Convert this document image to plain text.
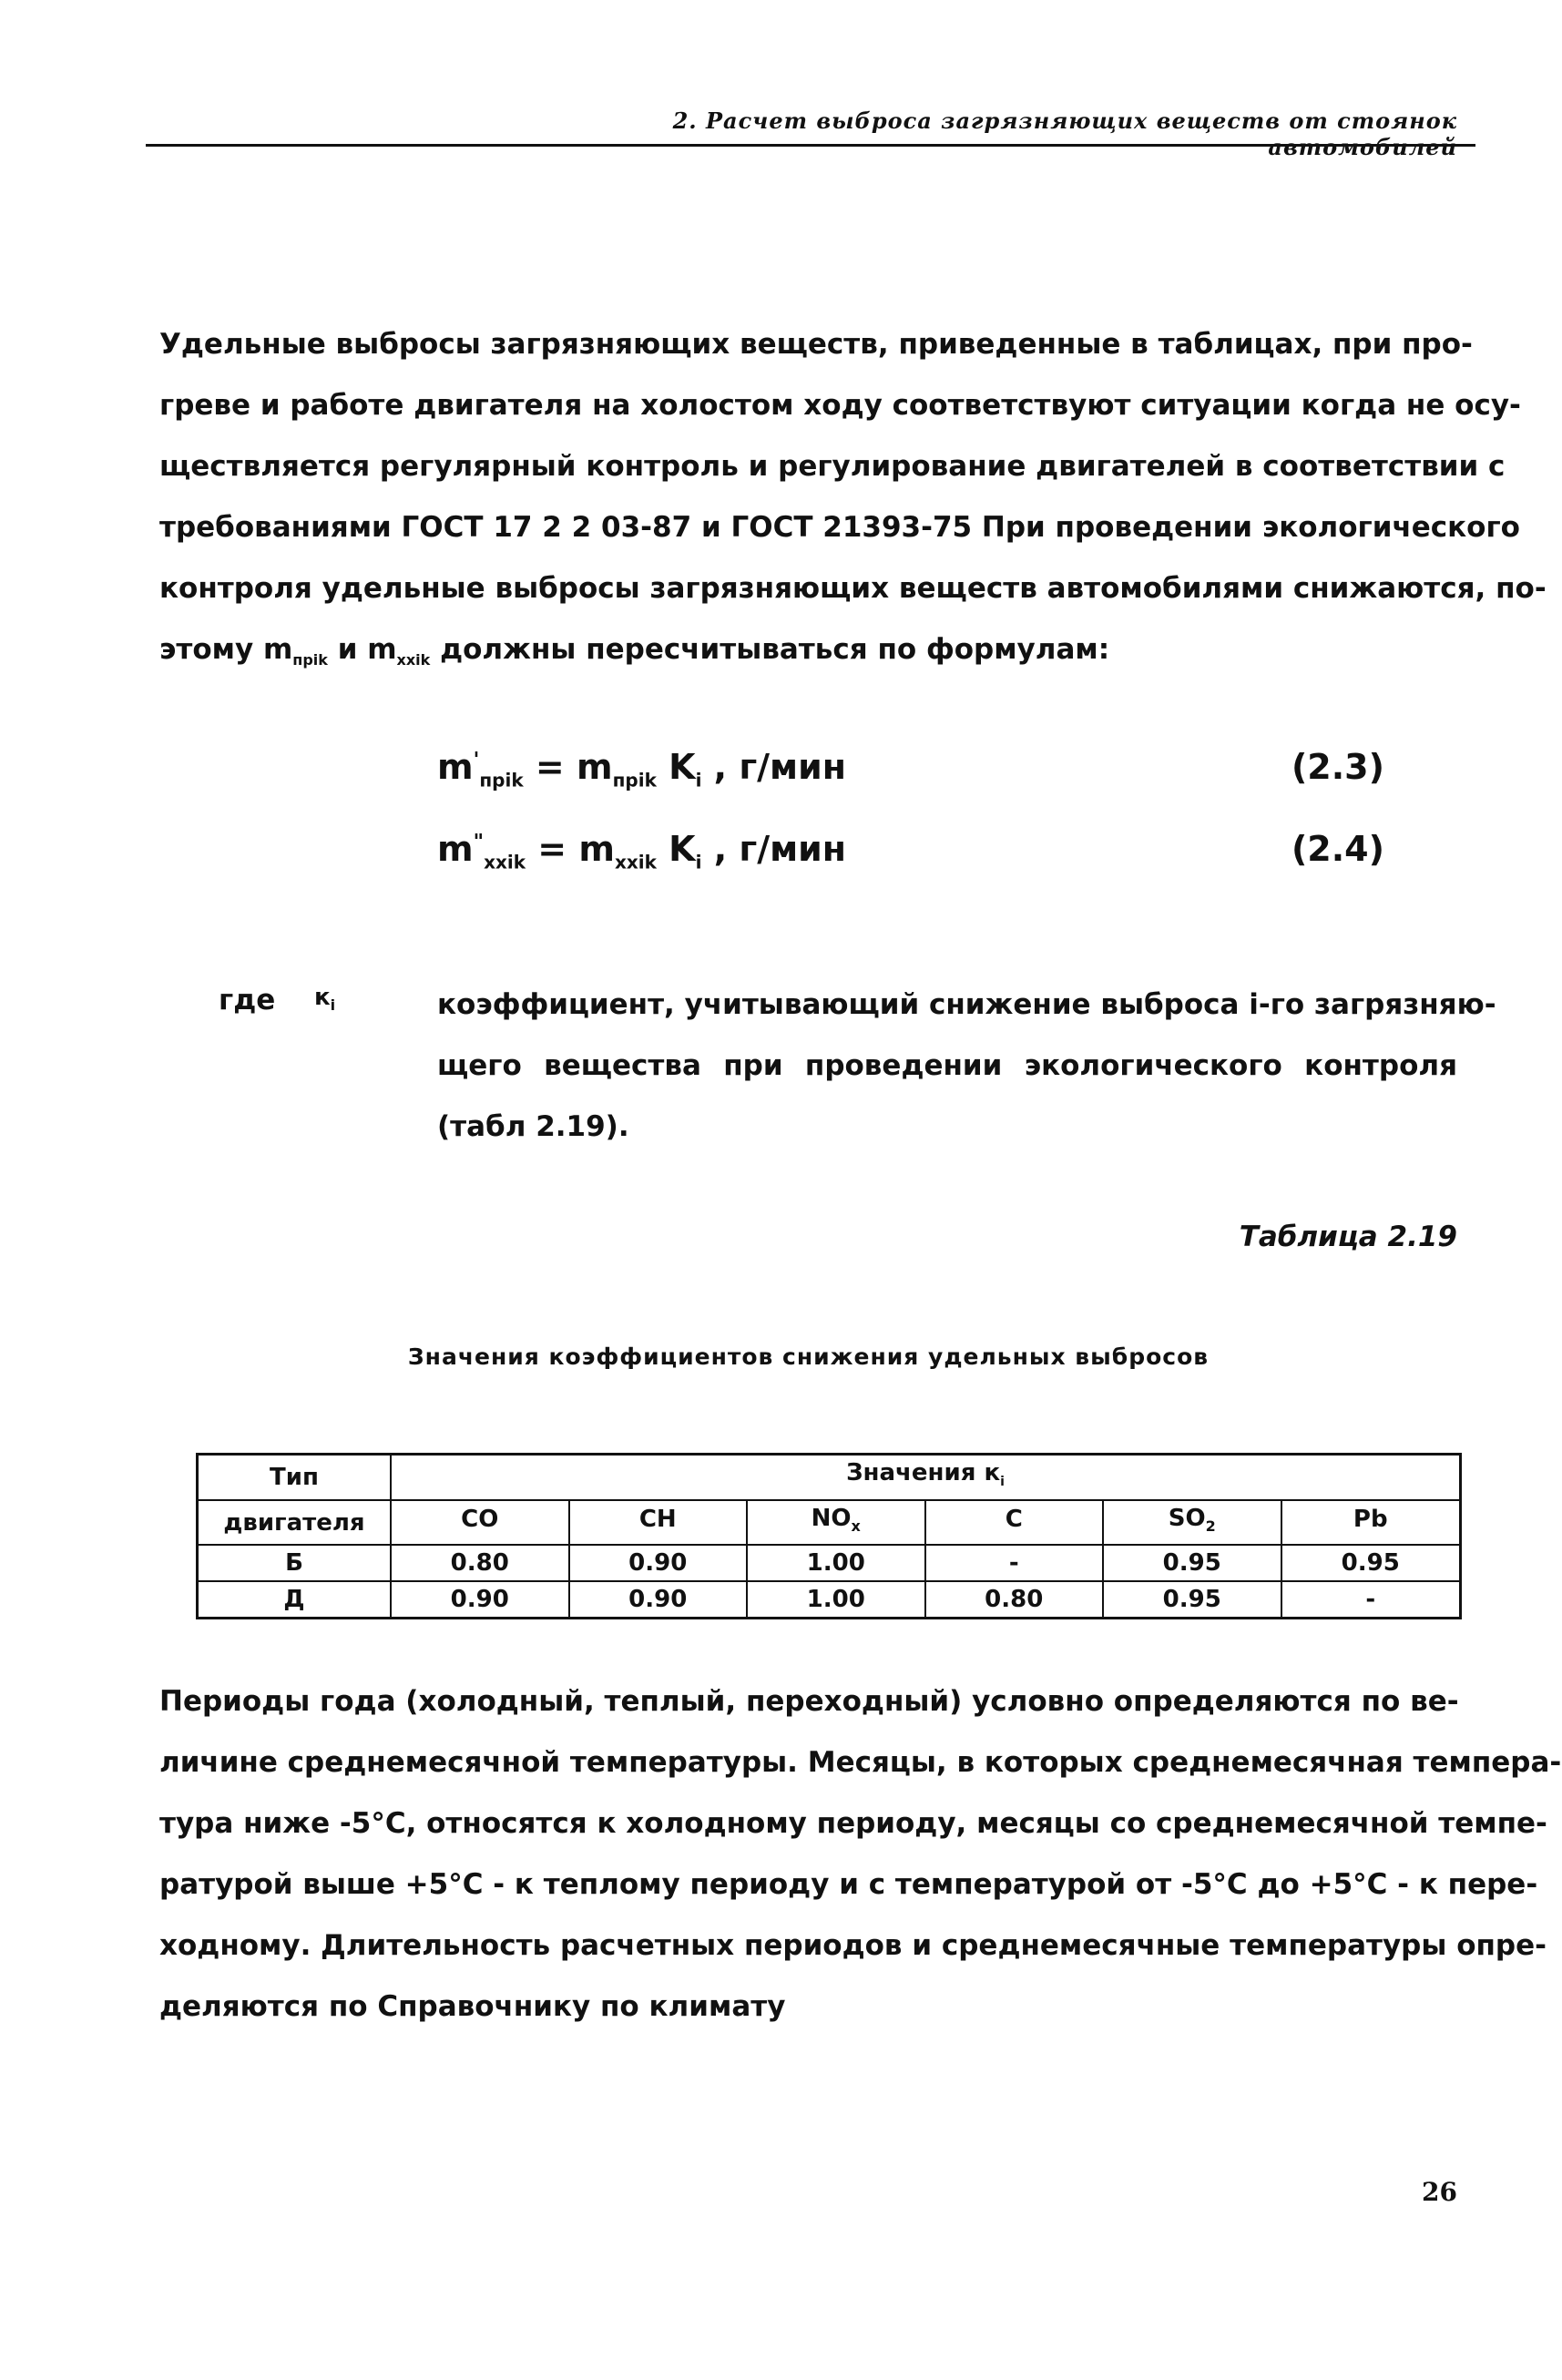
2. Расчет выброса загрязняющих веществ от стоянок автомобилей
Удельные выбросы загрязняющих веществ, приведенные в таблицах, при про-
греве и работе двигателя на холостом ходу соответствуют ситуации когда не осу-
ществляется регулярный контроль и регулирование двигателей в соответствии с
требованиями ГОСТ 17 2 2 03-87 и ГОСТ 21393-75 При проведении экологического
контроля удельные выбросы загрязняющих веществ автомобилями снижаются, по-
этому $m_{прik}$ и $m_{xxik}$ должны пересчитываться по формулам:
$m'_{прik} = m_{прik}$ $K_i$ , г/мин	(2.3)
$m^"_{xxik} = m_{xxik}$ $K_i$ , г/мин	(2.4)
где $к_i$	коэффициент, учитывающий снижение выброса i-го загрязняю-
щего вещества при проведении экологического контроля
(табл 2.19).
Таблица 2.19
Значения коэффициентов снижения удельных выбросов
Тип	Значения $к_i$
двигателя	CO	CH	$NO_x$	C	$SO_2$	Pb
Б	0.80	0.90	1.00	-	0.95	0.95
Д	0.90	0.90	1.00	0.80	0.95	-
Периоды года (холодный, теплый, переходный) условно определяются по ве-
личине среднемесячной температуры. Месяцы, в которых среднемесячная темпера-
тура ниже -5°С, относятся к холодному периоду, месяцы со среднемесячной темпе-
ратурой выше +5°С - к теплому периоду и с температурой от -5°С до +5°С - к пере-
ходному. Длительность расчетных периодов и среднемесячные температуры опре-
деляются по Справочнику по климату
26
